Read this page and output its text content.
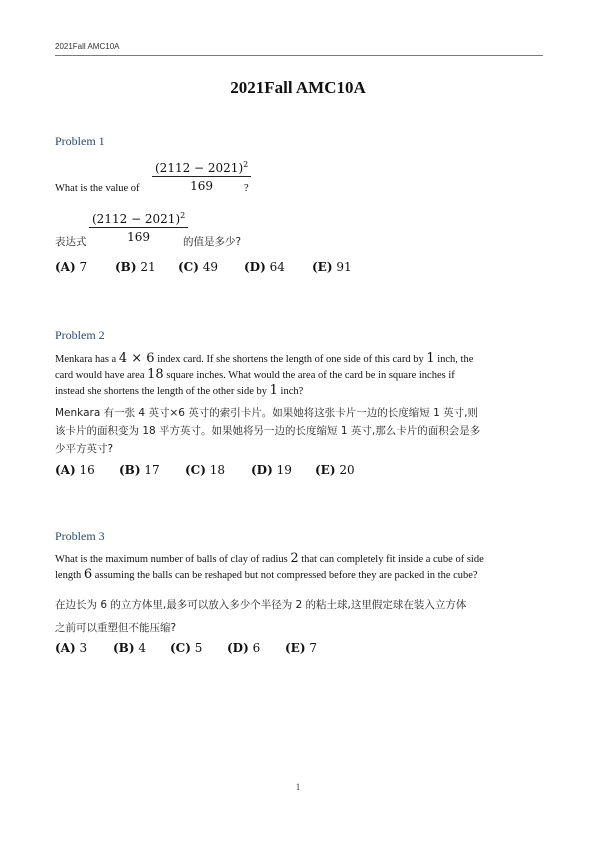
2021Fall AMC10A
2021Fall AMC10A
Problem 1
What is the value of $\frac{(2112 - 2021)^2}{169}$
?
表达式 $\frac{(2112 - 2021)^2}{169}$
的值是多少?
(A) 7 (B) 21 (C) 49 (D) 64 (E) 91
Problem 2
Menkara has a 4 × 6 index card. If she shortens the length of one side of this card by 1 inch, the
card would have area 18 square inches. What would the area of the card be in square inches if
instead she shortens the length of the other side by 1 inch?
Menkara 有一张 4 英寸×6 英寸的索引卡片。如果她将这张卡片一边的长度缩短 1 英寸,则
该卡片的面积变为 18 平方英寸。如果她将另一边的长度缩短 1 英寸,那么卡片的面积会是多
少平方英寸?
(A) 16 (B) 17 (C) 18 (D) 19 (E) 20
Problem 3
What is the maximum number of balls of clay of radius 2 that can completely fit inside a cube of side
length 6 assuming the balls can be reshaped but not compressed before they are packed in the cube?
在边长为 6 的立方体里,最多可以放入多少个半径为 2 的粘土球,这里假定球在装入立方体
之前可以重塑但不能压缩?
(A) 3 (B) 4 (C) 5 (D) 6 (E) 7
1
